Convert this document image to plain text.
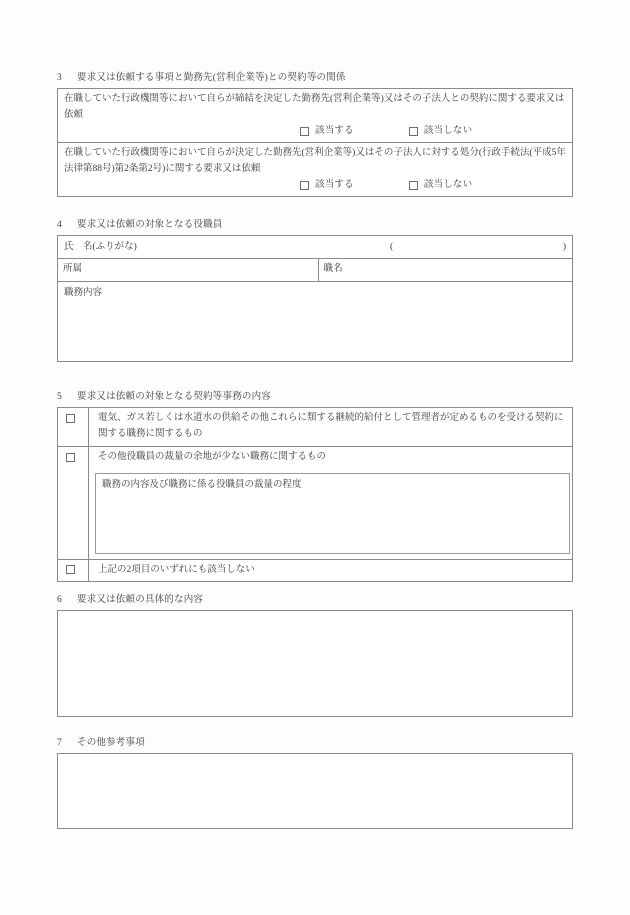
3 要求又は依頼する事項と勤務先(営利企業等)との契約等の関係
在職していた行政機関等において自らが締結を決定した勤務先(営利企業等)又はその子法人との契約に関する要求又は依頼
該当する	該当しない
在職していた行政機関等において自らが決定した勤務先(営利企業等)又はその子法人に対する処分(行政手続法(平成5年法律第88号)第2条第2号)に関する要求又は依頼
該当する	該当しない
4 要求又は依頼の対象となる役職員
氏　名(ふりがな)	(	)
所属	職名
職務内容
5 要求又は依頼の対象となる契約等事務の内容
電気、ガス若しくは水道水の供給その他これらに類する継続的給付として管理者が定めるものを受ける契約に関する職務に関するもの
その他役職員の裁量の余地が少ない職務に関するもの
職務の内容及び職務に係る役職員の裁量の程度
上記の2項目のいずれにも該当しない
6 要求又は依頼の具体的な内容
7 その他参考事項
